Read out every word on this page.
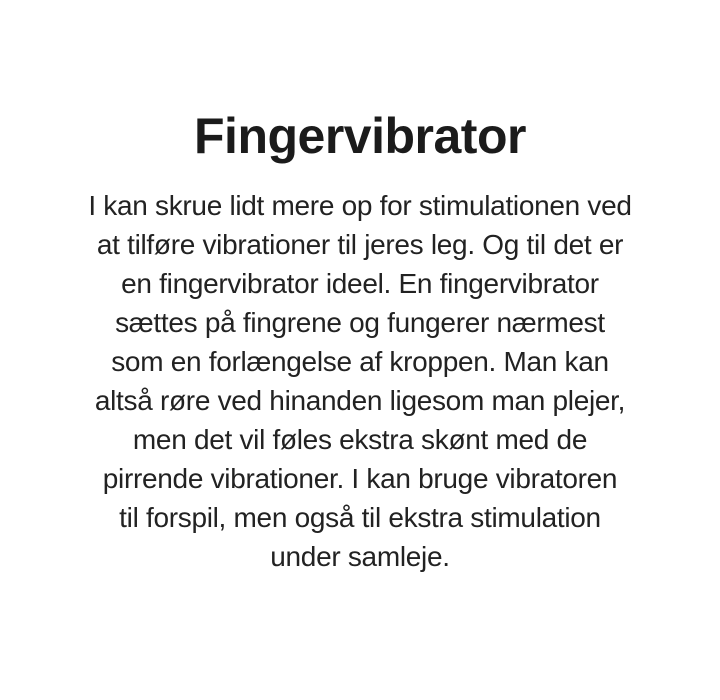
Fingervibrator

I kan skrue lidt mere op for stimulationen ved

at tilføre vibrationer til jeres leg. Og til det er

en fingervibrator ideel. En fingervibrator

sættes på fingrene og fungerer nærmest

som en forlængelse af kroppen. Man kan

altså røre ved hinanden ligesom man plejer,

men det vil føles ekstra skønt med de

pirrende vibrationer. I kan bruge vibratoren

til forspil, men også til ekstra stimulation

under samleje.
